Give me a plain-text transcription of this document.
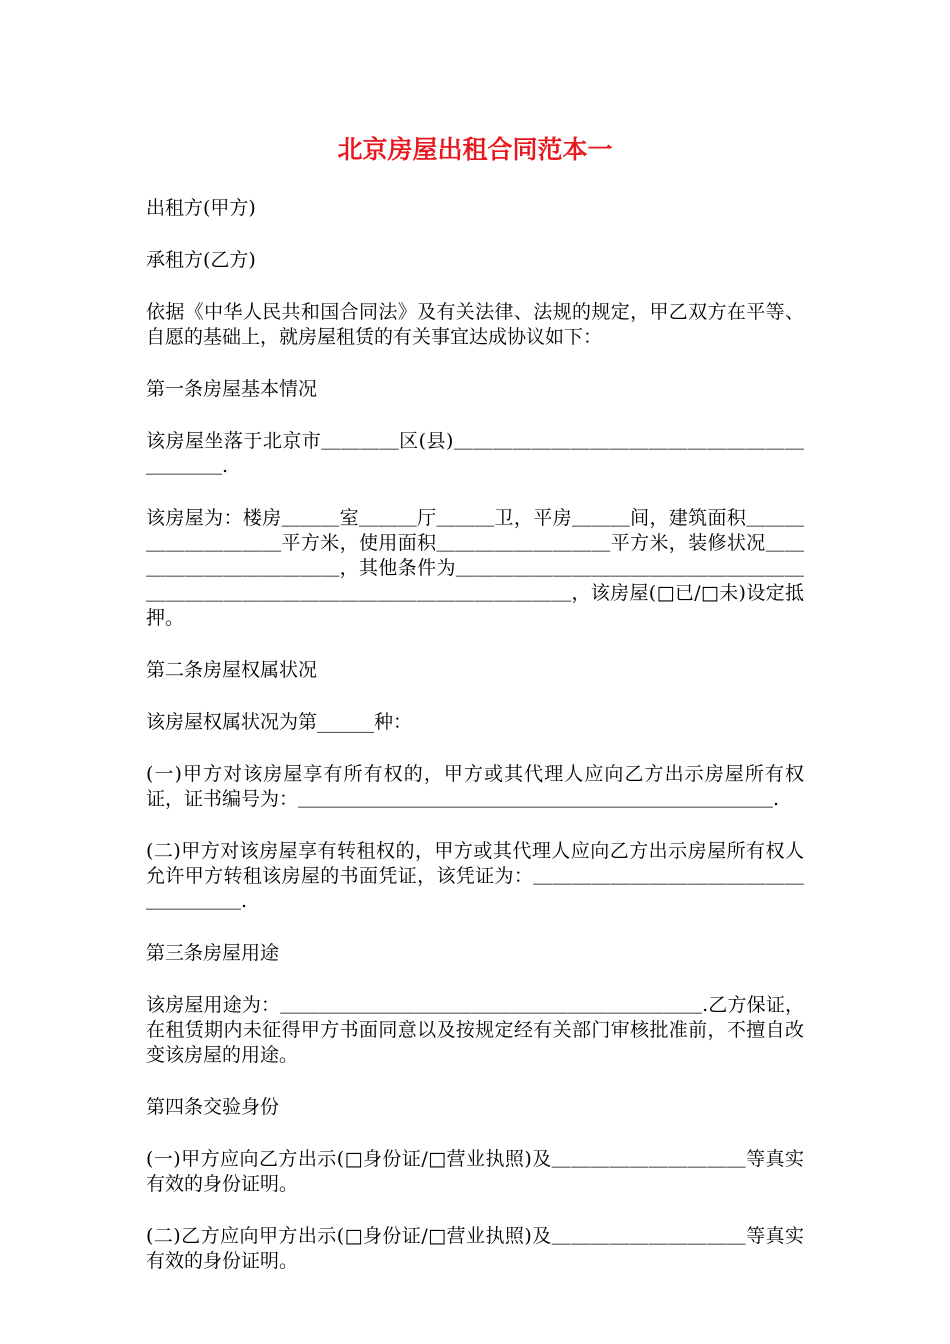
北京房屋出租合同范本一

出租方(甲方)

承租方(乙方)

依据《中华人民共和国合同法》及有关法律、法规的规定，甲乙双方在平等、自愿的基础上，就房屋租赁的有关事宜达成协议如下：

第一条房屋基本情况

该房屋坐落于北京市＿＿＿＿区(县)＿＿＿＿＿＿＿＿＿＿＿＿＿＿＿＿＿＿＿＿＿＿.

该房屋为：楼房＿＿＿室＿＿＿厅＿＿＿卫，平房＿＿＿间，建筑面积＿＿＿＿＿＿＿＿＿＿平方米，使用面积＿＿＿＿＿＿＿＿＿平方米，装修状况＿＿＿＿＿＿＿＿＿＿＿＿，其他条件为＿＿＿＿＿＿＿＿＿＿＿＿＿＿＿＿＿＿＿＿＿＿＿＿＿＿＿＿＿＿＿＿＿＿＿＿＿＿＿＿，该房屋(□已/□未)设定抵押。

第二条房屋权属状况

该房屋权属状况为第______种：

(一)甲方对该房屋享有所有权的，甲方或其代理人应向乙方出示房屋所有权证，证书编号为：＿＿＿＿＿＿＿＿＿＿＿＿＿＿＿＿＿＿＿＿＿＿＿＿＿.

(二)甲方对该房屋享有转租权的，甲方或其代理人应向乙方出示房屋所有权人允许甲方转租该房屋的书面凭证，该凭证为：＿＿＿＿＿＿＿＿＿＿＿＿＿＿＿＿＿＿＿.

第三条房屋用途

该房屋用途为：＿＿＿＿＿＿＿＿＿＿＿＿＿＿＿＿＿＿＿＿＿＿.乙方保证，在租赁期内未征得甲方书面同意以及按规定经有关部门审核批准前，不擅自改变该房屋的用途。

第四条交验身份

(一)甲方应向乙方出示(□身份证/□营业执照)及＿＿＿＿＿＿＿＿＿＿等真实有效的身份证明。

(二)乙方应向甲方出示(□身份证/□营业执照)及＿＿＿＿＿＿＿＿＿＿等真实有效的身份证明。
